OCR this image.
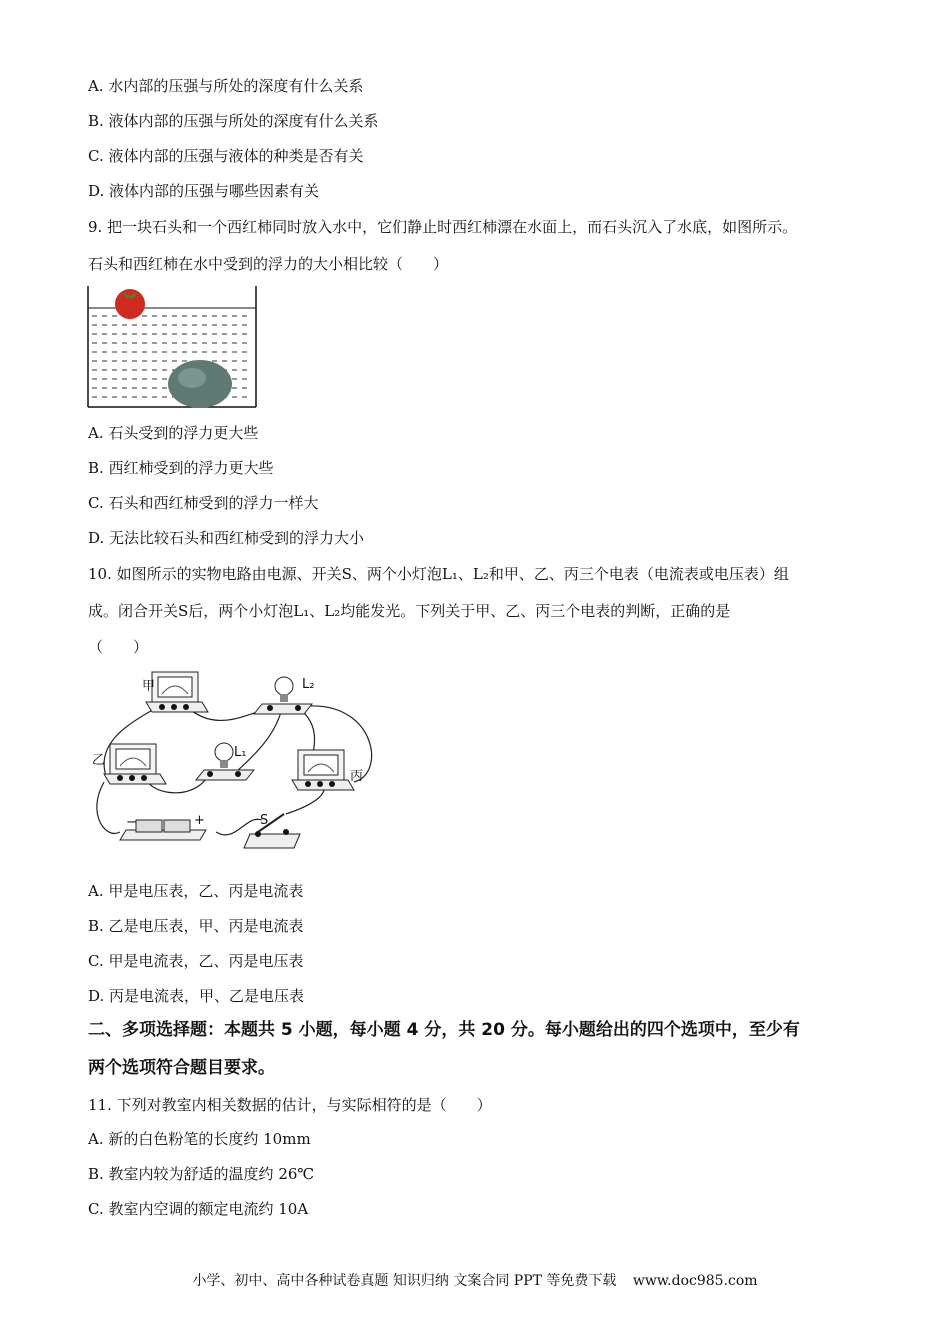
A. 水内部的压强与所处的深度有什么关系
B. 液体内部的压强与所处的深度有什么关系
C. 液体内部的压强与液体的种类是否有关
D. 液体内部的压强与哪些因素有关
9. 把一块石头和一个西红柿同时放入水中，它们静止时西红柿漂在水面上，而石头沉入了水底，如图所示。
石头和西红柿在水中受到的浮力的大小相比较（　　）
A. 石头受到的浮力更大些
B. 西红柿受到的浮力更大些
C. 石头和西红柿受到的浮力一样大
D. 无法比较石头和西红柿受到的浮力大小
10. 如图所示的实物电路由电源、开关S、两个小灯泡L₁、L₂和甲、乙、丙三个电表（电流表或电压表）组
成。闭合开关S后，两个小灯泡L₁、L₂均能发光。下列关于甲、乙、丙三个电表的判断，正确的是
（　　）
甲	L₂
乙
L₁
丙
−	+	S
A. 甲是电压表，乙、丙是电流表
B. 乙是电压表，甲、丙是电流表
C. 甲是电流表，乙、丙是电压表
D. 丙是电流表，甲、乙是电压表
二、多项选择题：本题共 5 小题，每小题 4 分，共 20 分。每小题给出的四个选项中，至少有
两个选项符合题目要求。
11. 下列对教室内相关数据的估计，与实际相符的是（　　）
A. 新的白色粉笔的长度约 10mm
B. 教室内较为舒适的温度约 26℃
C. 教室内空调的额定电流约 10A
小学、初中、高中各种试卷真题 知识归纳 文案合同 PPT 等免费下载 www.doc985.com
